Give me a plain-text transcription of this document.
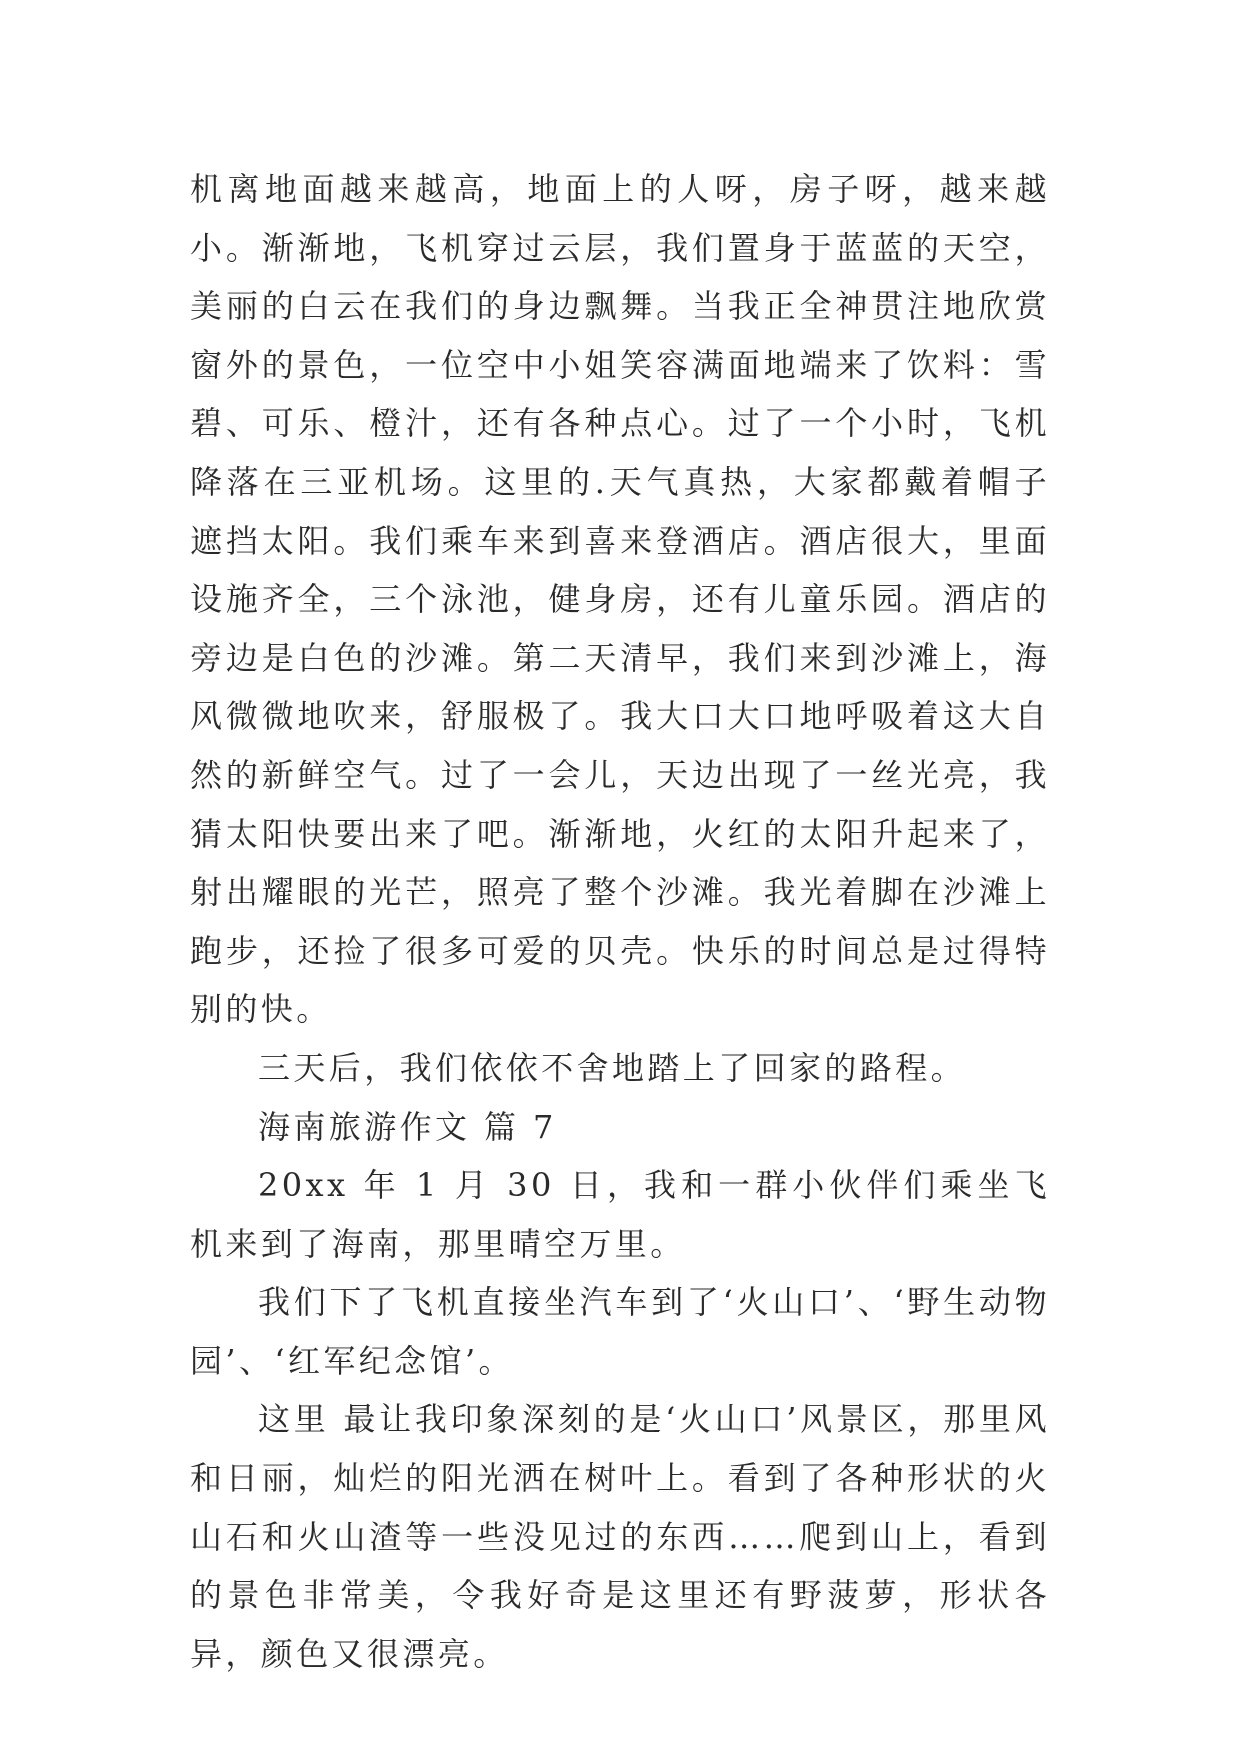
机离地面越来越高，地面上的人呀，房子呀，越来越小。渐渐地，飞机穿过云层，我们置身于蓝蓝的天空，美丽的白云在我们的身边飘舞。当我正全神贯注地欣赏窗外的景色，一位空中小姐笑容满面地端来了饮料：雪碧、可乐、橙汁，还有各种点心。过了一个小时，飞机降落在三亚机场。这里的.天气真热，大家都戴着帽子遮挡太阳。我们乘车来到喜来登酒店。酒店很大，里面设施齐全，三个泳池，健身房，还有儿童乐园。酒店的旁边是白色的沙滩。第二天清早，我们来到沙滩上，海风微微地吹来，舒服极了。我大口大口地呼吸着这大自然的新鲜空气。过了一会儿，天边出现了一丝光亮，我猜太阳快要出来了吧。渐渐地，火红的太阳升起来了，射出耀眼的光芒，照亮了整个沙滩。我光着脚在沙滩上跑步，还捡了很多可爱的贝壳。快乐的时间总是过得特别的快。

三天后，我们依依不舍地踏上了回家的路程。

海南旅游作文 篇 7

20xx 年 1 月 30 日，我和一群小伙伴们乘坐飞机来到了海南，那里晴空万里。

我们下了飞机直接坐汽车到了‘火山口’、‘野生动物园’、‘红军纪念馆’。

这里 最让我印象深刻的是‘火山口’风景区，那里风和日丽，灿烂的阳光洒在树叶上。看到了各种形状的火山石和火山渣等一些没见过的东西……爬到山上，看到的景色非常美，令我好奇是这里还有野菠萝，形状各异，颜色又很漂亮。
